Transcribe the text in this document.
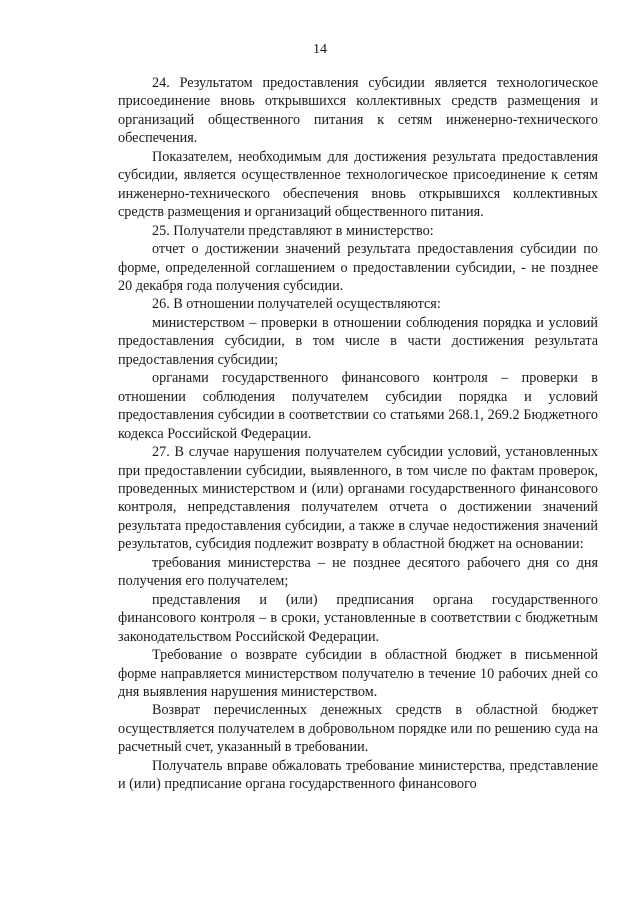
14

24. Результатом предоставления субсидии является технологическое присоединение вновь открывшихся коллективных средств размещения и организаций общественного питания к сетям инженерно-технического обеспечения.

Показателем, необходимым для достижения результата предоставления субсидии, является осуществленное технологическое присоединение к сетям инженерно-технического обеспечения вновь открывшихся коллективных средств размещения и организаций общественного питания.

25. Получатели представляют в министерство:

отчет о достижении значений результата предоставления субсидии по форме, определенной соглашением о предоставлении субсидии, - не позднее 20 декабря года получения субсидии.

26. В отношении получателей осуществляются:

министерством – проверки в отношении соблюдения порядка и условий предоставления субсидии, в том числе в части достижения результата предоставления субсидии;

органами государственного финансового контроля – проверки в отношении соблюдения получателем субсидии порядка и условий предоставления субсидии в соответствии со статьями 268.1, 269.2 Бюджетного кодекса Российской Федерации.

27. В случае нарушения получателем субсидии условий, установленных при предоставлении субсидии, выявленного, в том числе по фактам проверок, проведенных министерством и (или) органами государственного финансового контроля, непредставления получателем отчета о достижении значений результата предоставления субсидии, а также в случае недостижения значений результатов, субсидия подлежит возврату в областной бюджет на основании:

требования министерства – не позднее десятого рабочего дня со дня получения его получателем;

представления и (или) предписания органа государственного финансового контроля – в сроки, установленные в соответствии с бюджетным законодательством Российской Федерации.

Требование о возврате субсидии в областной бюджет в письменной форме направляется министерством получателю в течение 10 рабочих дней со дня выявления нарушения министерством.

Возврат перечисленных денежных средств в областной бюджет осуществляется получателем в добровольном порядке или по решению суда на расчетный счет, указанный в требовании.

Получатель вправе обжаловать требование министерства, представление и (или) предписание органа государственного финансового
